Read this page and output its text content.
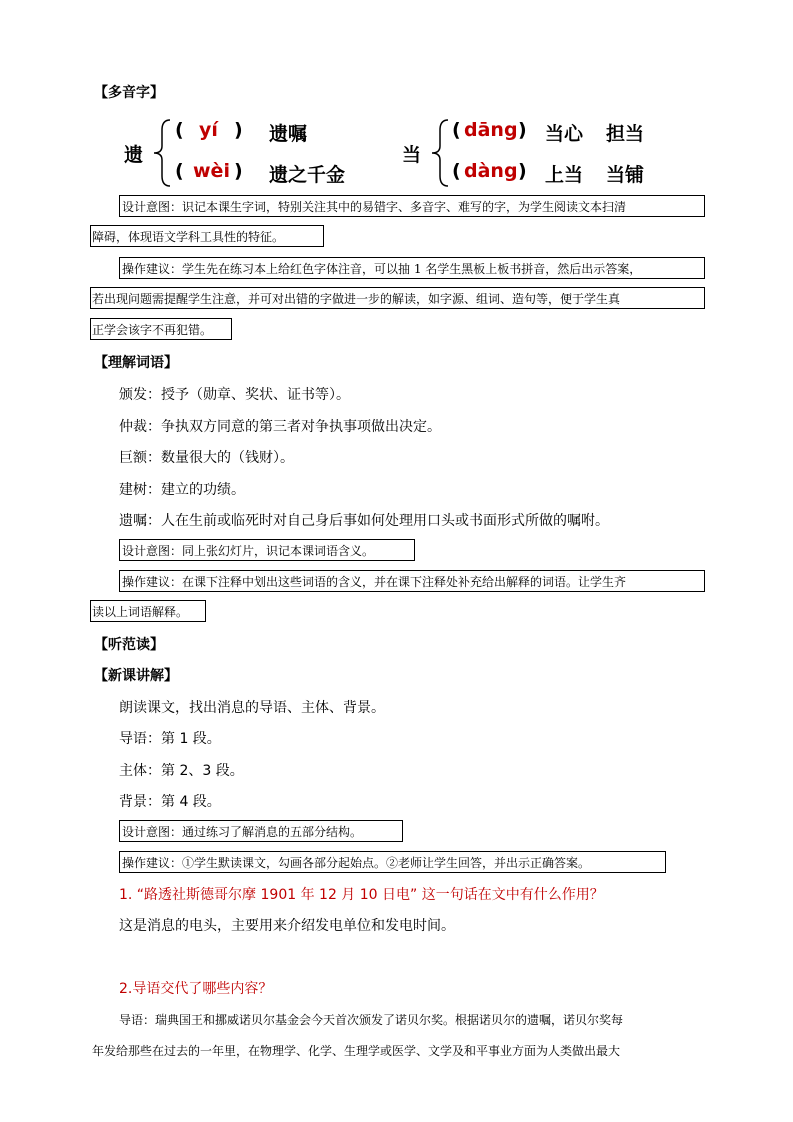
【多音字】
遗
( yí ) 遗嘱
( wèi ) 遗之千金
当
( dāng ) 当心 担当
( dàng ) 上当 当铺
设计意图：识记本课生字词，特别关注其中的易错字、多音字、难写的字，为学生阅读文本扫清
障碍，体现语文学科工具性的特征。
操作建议：学生先在练习本上给红色字体注音，可以抽 1 名学生黑板上板书拼音，然后出示答案，
若出现问题需提醒学生注意，并可对出错的字做进一步的解读，如字源、组词、造句等，便于学生真
正学会该字不再犯错。
【理解词语】
颁发：授予（勋章、奖状、证书等）。
仲裁：争执双方同意的第三者对争执事项做出决定。
巨额：数量很大的（钱财）。
建树：建立的功绩。
遗嘱：人在生前或临死时对自己身后事如何处理用口头或书面形式所做的嘱咐。
设计意图：同上张幻灯片，识记本课词语含义。
操作建议：在课下注释中划出这些词语的含义，并在课下注释处补充给出解释的词语。让学生齐
读以上词语解释。
【听范读】
【新课讲解】
朗读课文，找出消息的导语、主体、背景。
导语：第 1 段。
主体：第 2、3 段。
背景：第 4 段。
设计意图：通过练习了解消息的五部分结构。
操作建议：①学生默读课文，勾画各部分起始点。②老师让学生回答，并出示正确答案。
1. “路透社斯德哥尔摩 1901 年 12 月 10 日电” 这一句话在文中有什么作用？
这是消息的电头，主要用来介绍发电单位和发电时间。
2.导语交代了哪些内容？
导语：瑞典国王和挪威诺贝尔基金会今天首次颁发了诺贝尔奖。根据诺贝尔的遗嘱，诺贝尔奖每
年发给那些在过去的一年里，在物理学、化学、生理学或医学、文学及和平事业方面为人类做出最大
